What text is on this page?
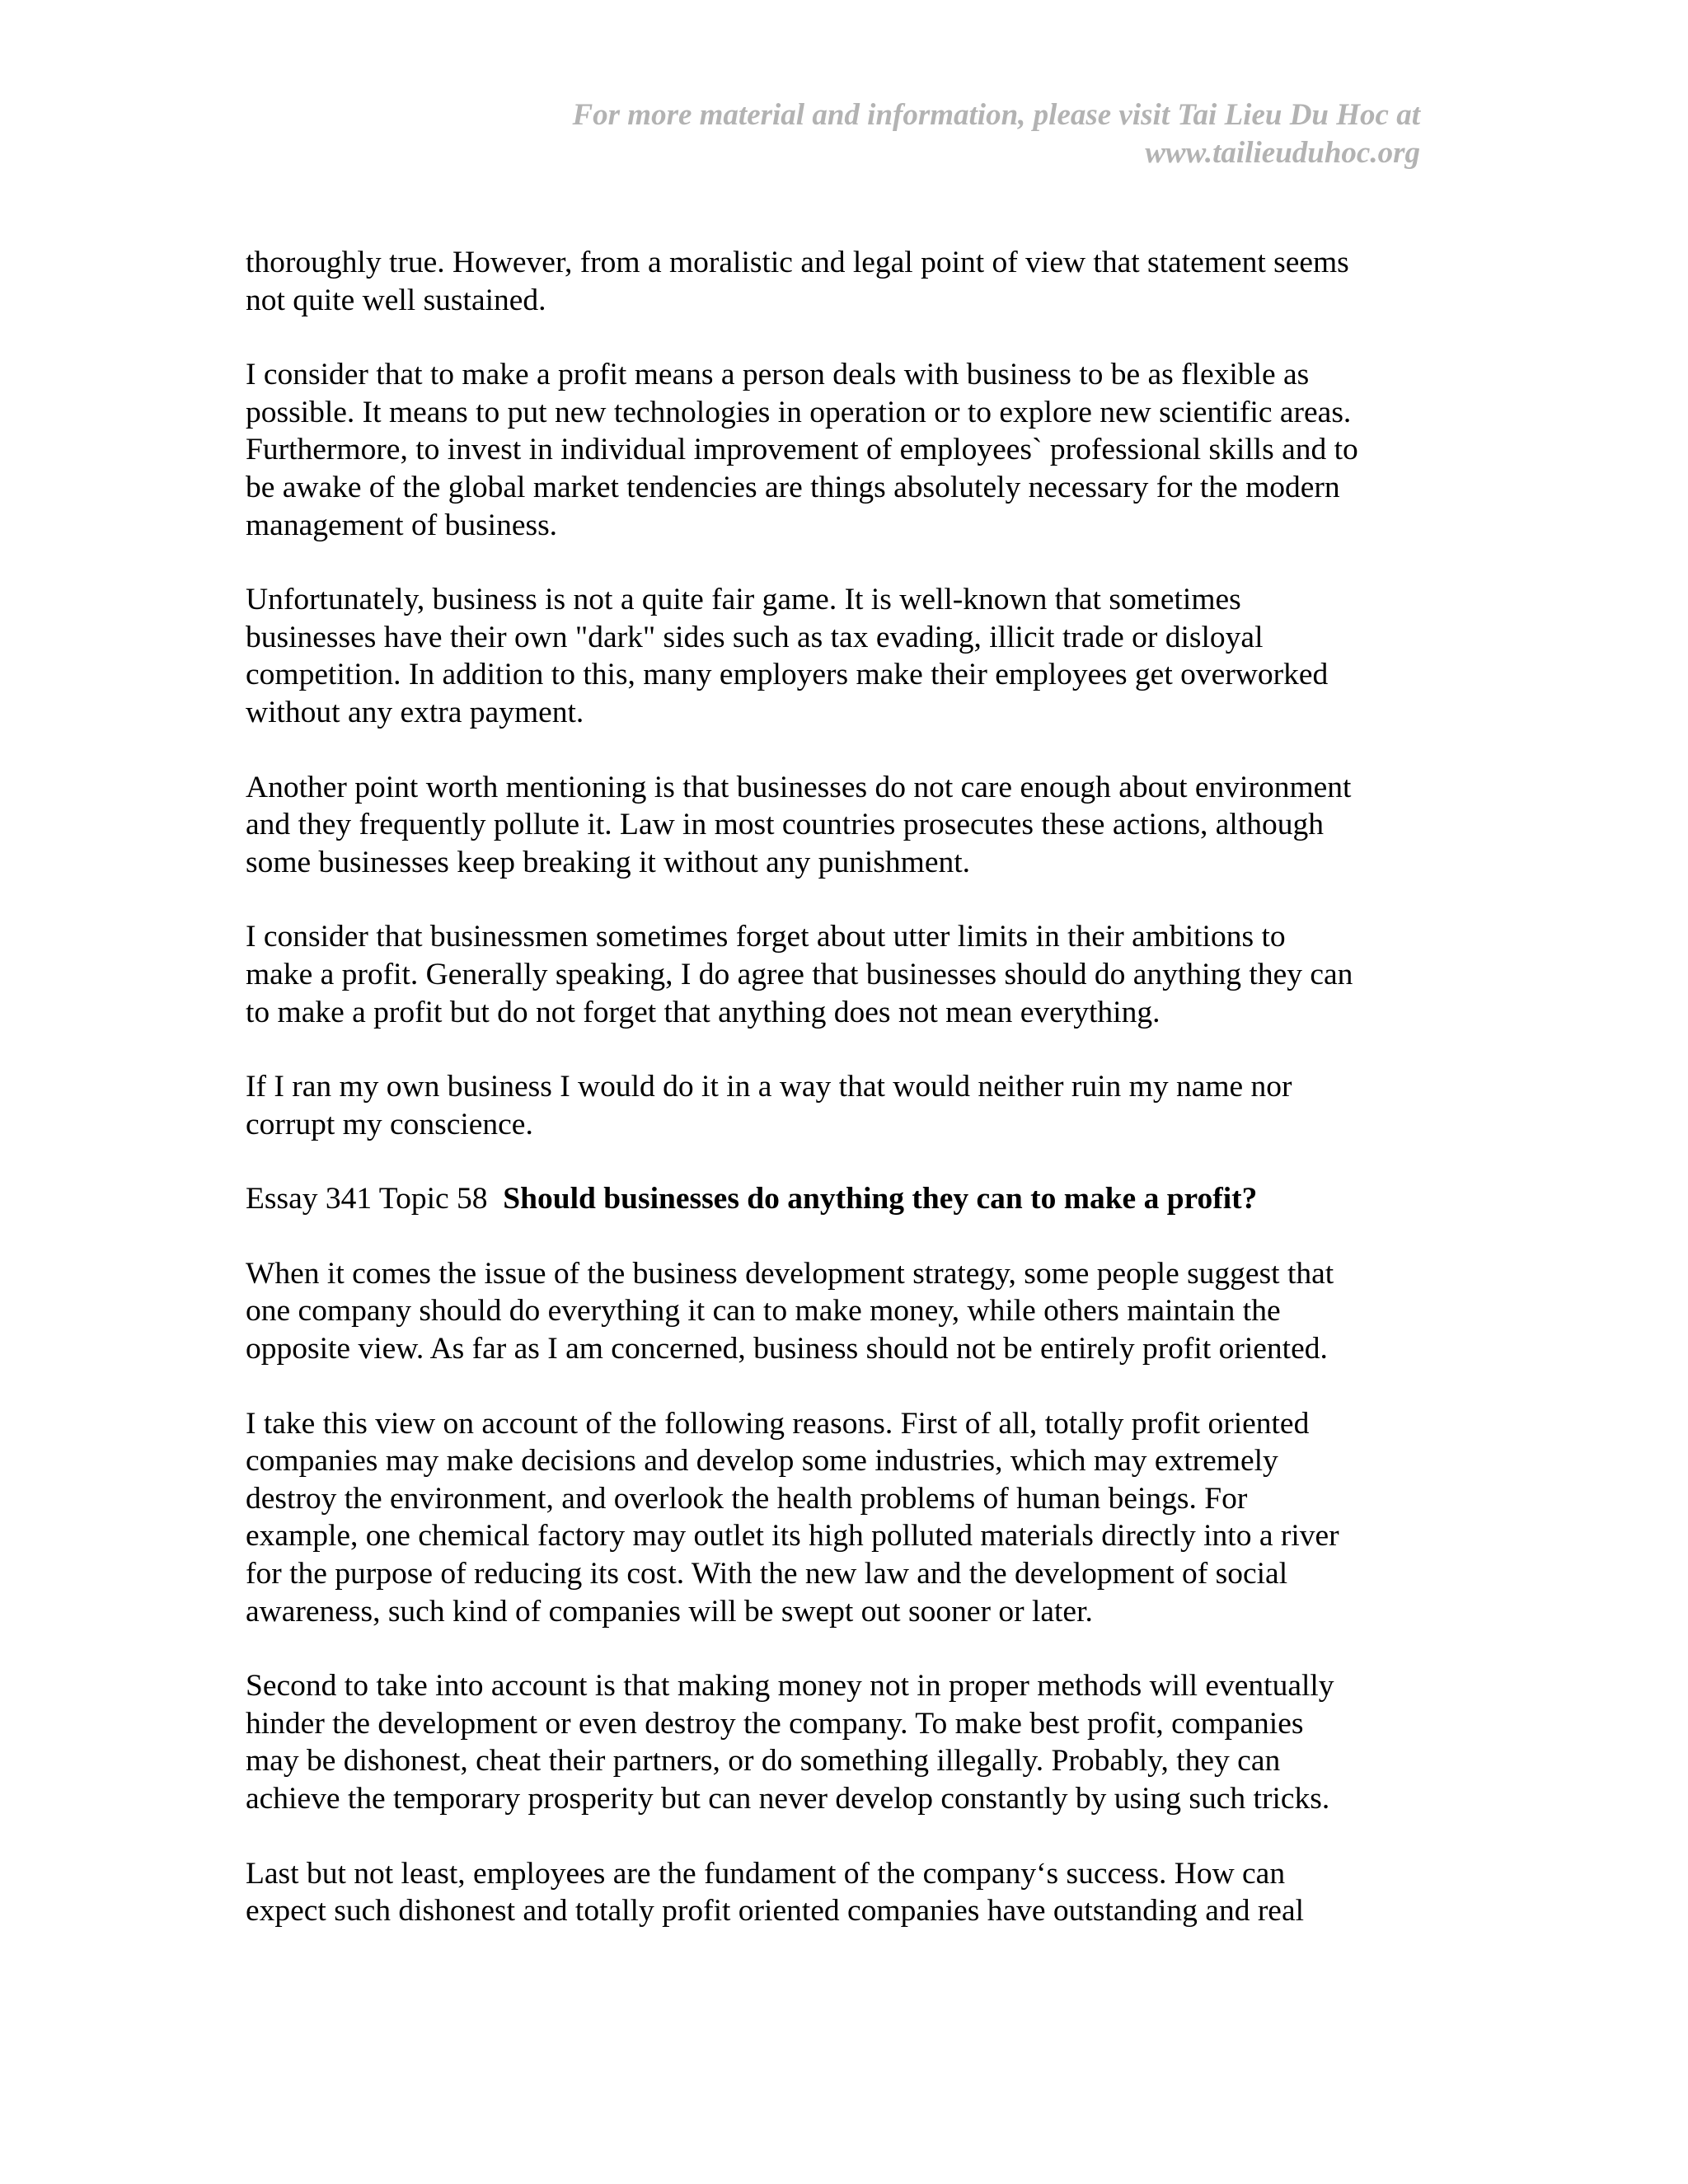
For more material and information, please visit Tai Lieu Du Hoc at
www.tailieuduhoc.org
thoroughly true. However, from a moralistic and legal point of view that statement seems
not quite well sustained.
I consider that to make a profit means a person deals with business to be as flexible as
possible. It means to put new technologies in operation or to explore new scientific areas.
Furthermore, to invest in individual improvement of employees` professional skills and to
be awake of the global market tendencies are things absolutely necessary for the modern
management of business.
Unfortunately, business is not a quite fair game. It is well-known that sometimes
businesses have their own "dark" sides such as tax evading, illicit trade or disloyal
competition. In addition to this, many employers make their employees get overworked
without any extra payment.
Another point worth mentioning is that businesses do not care enough about environment
and they frequently pollute it. Law in most countries prosecutes these actions, although
some businesses keep breaking it without any punishment.
I consider that businessmen sometimes forget about utter limits in their ambitions to
make a profit. Generally speaking, I do agree that businesses should do anything they can
to make a profit but do not forget that anything does not mean everything.
If I ran my own business I would do it in a way that would neither ruin my name nor
corrupt my conscience.
Essay 341 Topic 58 Should businesses do anything they can to make a profit?
When it comes the issue of the business development strategy, some people suggest that
one company should do everything it can to make money, while others maintain the
opposite view. As far as I am concerned, business should not be entirely profit oriented.
I take this view on account of the following reasons. First of all, totally profit oriented
companies may make decisions and develop some industries, which may extremely
destroy the environment, and overlook the health problems of human beings. For
example, one chemical factory may outlet its high polluted materials directly into a river
for the purpose of reducing its cost. With the new law and the development of social
awareness, such kind of companies will be swept out sooner or later.
Second to take into account is that making money not in proper methods will eventually
hinder the development or even destroy the company. To make best profit, companies
may be dishonest, cheat their partners, or do something illegally. Probably, they can
achieve the temporary prosperity but can never develop constantly by using such tricks.
Last but not least, employees are the fundament of the company‘s success. How can
expect such dishonest and totally profit oriented companies have outstanding and real
